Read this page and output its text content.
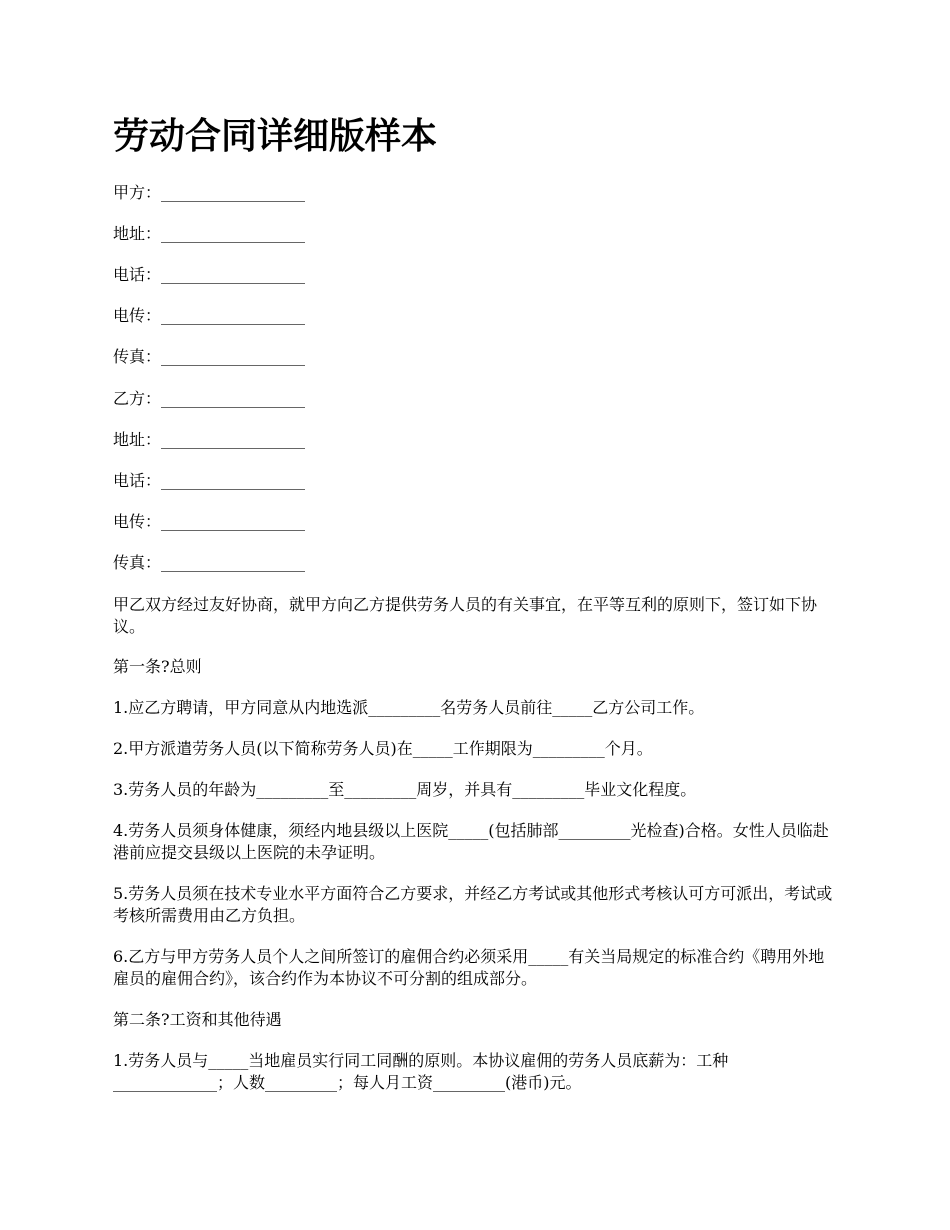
劳动合同详细版样本
甲方：__________________
地址：__________________
电话：__________________
电传：__________________
传真：__________________
乙方：__________________
地址：__________________
电话：__________________
电传：__________________
传真：__________________

甲乙双方经过友好协商，就甲方向乙方提供劳务人员的有关事宜，在平等互利的原则下，签订如下协议。

第一条?总则

1.应乙方聘请，甲方同意从内地选派_________名劳务人员前往_____乙方公司工作。

2.甲方派遣劳务人员(以下简称劳务人员)在_____工作期限为_________个月。

3.劳务人员的年龄为_________至_________周岁，并具有_________毕业文化程度。

4.劳务人员须身体健康，须经内地县级以上医院_____(包括肺部_________光检查)合格。女性人员临赴港前应提交县级以上医院的未孕证明。

5.劳务人员须在技术专业水平方面符合乙方要求，并经乙方考试或其他形式考核认可方可派出，考试或考核所需费用由乙方负担。

6.乙方与甲方劳务人员个人之间所签订的雇佣合约必须采用_____有关当局规定的标准合约《聘用外地雇员的雇佣合约》，该合约作为本协议不可分割的组成部分。

第二条?工资和其他待遇

1.劳务人员与_____当地雇员实行同工同酬的原则。本协议雇佣的劳务人员底薪为：工种_____________；人数_________；每人月工资_________(港币)元。
